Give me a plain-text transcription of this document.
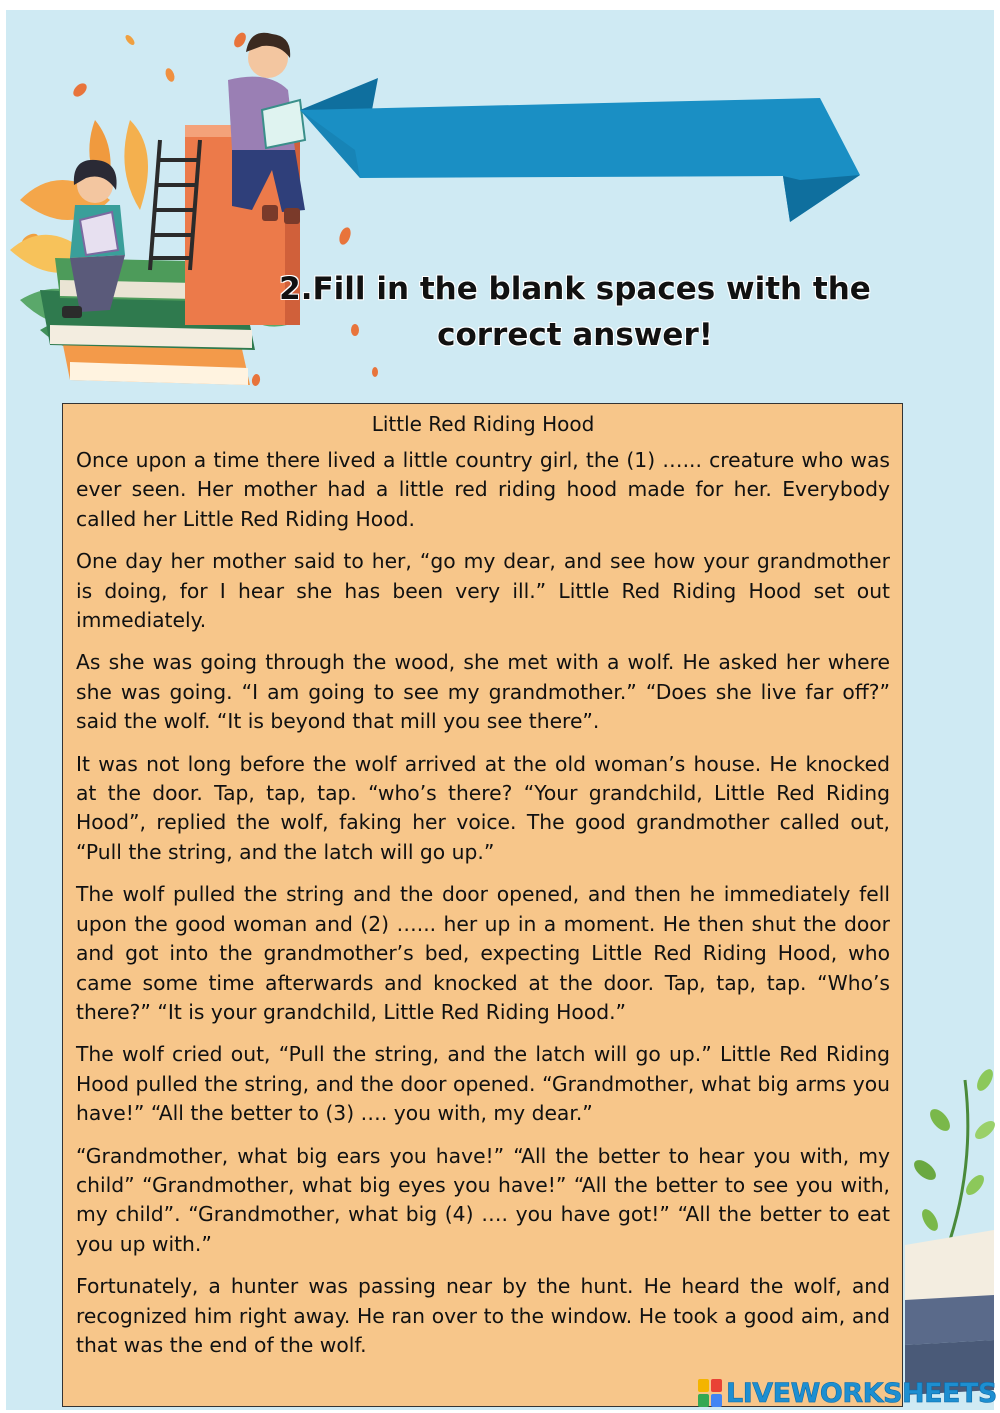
2.Fill in the blank spaces with the
correct answer!
Little Red Riding Hood

Once upon a time there lived a little country girl, the (1) …... creature who was ever seen. Her mother had a little red riding hood made for her. Everybody called her Little Red Riding Hood.

One day her mother said to her, “go my dear, and see how your grandmother is doing, for I hear she has been very ill.” Little Red Riding Hood set out immediately.

As she was going through the wood, she met with a wolf. He asked her where she was going. “I am going to see my grandmother.” “Does she live far off?” said the wolf. “It is beyond that mill you see there”.

It was not long before the wolf arrived at the old woman’s house. He knocked at the door. Tap, tap, tap. “who’s there? “Your grandchild, Little Red Riding Hood”, replied the wolf, faking her voice. The good grandmother called out, “Pull the string, and the latch will go up.”

The wolf pulled the string and the door opened, and then he immediately fell upon the good woman and (2) …... her up in a moment. He then shut the door and got into the grandmother’s bed, expecting Little Red Riding Hood, who came some time afterwards and knocked at the door. Tap, tap, tap. “Who’s there?” “It is your grandchild, Little Red Riding Hood.”

The wolf cried out, “Pull the string, and the latch will go up.” Little Red Riding Hood pulled the string, and the door opened. “Grandmother, what big arms you have!” “All the better to (3) …. you with, my dear.”

“Grandmother, what big ears you have!” “All the better to hear you with, my child” “Grandmother, what big eyes you have!” “All the better to see you with, my child”. “Grandmother, what big (4) …. you have got!” “All the better to eat you up with.”

Fortunately, a hunter was passing near by the hunt. He heard the wolf, and recognized him right away. He ran over to the window. He took a good aim, and that was the end of the wolf.

LIVEWORKSHEETS
